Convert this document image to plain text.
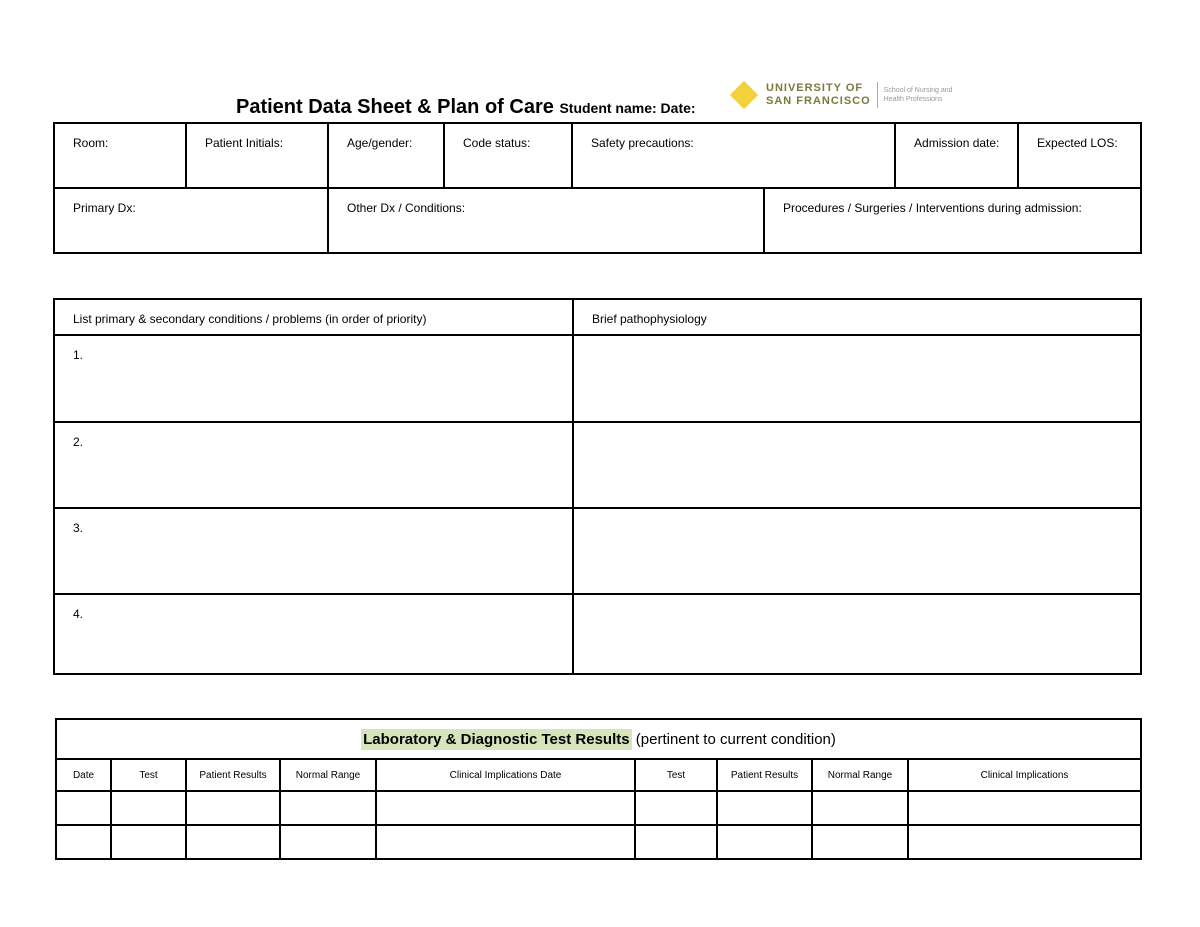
Patient Data Sheet & Plan of Care Student name: Date:
UNIVERSITY OF
SAN FRANCISCO
School of Nursing and Health Professions
Room:	Patient Initials:	Age/gender:	Code status:	Safety precautions:		Admission date:	Expected LOS:
Primary Dx:		Other Dx / Conditions:			Procedures / Surgeries / Interventions during admission:		
List primary & secondary conditions / problems (in order of priority)	Brief pathophysiology
1.	
2.	
3.	
4.	
Laboratory & Diagnostic Test Results (pertinent to current condition)								
Date	Test	Patient Results	Normal Range	Clinical Implications Date	Test	Patient Results	Normal Range	Clinical Implications
